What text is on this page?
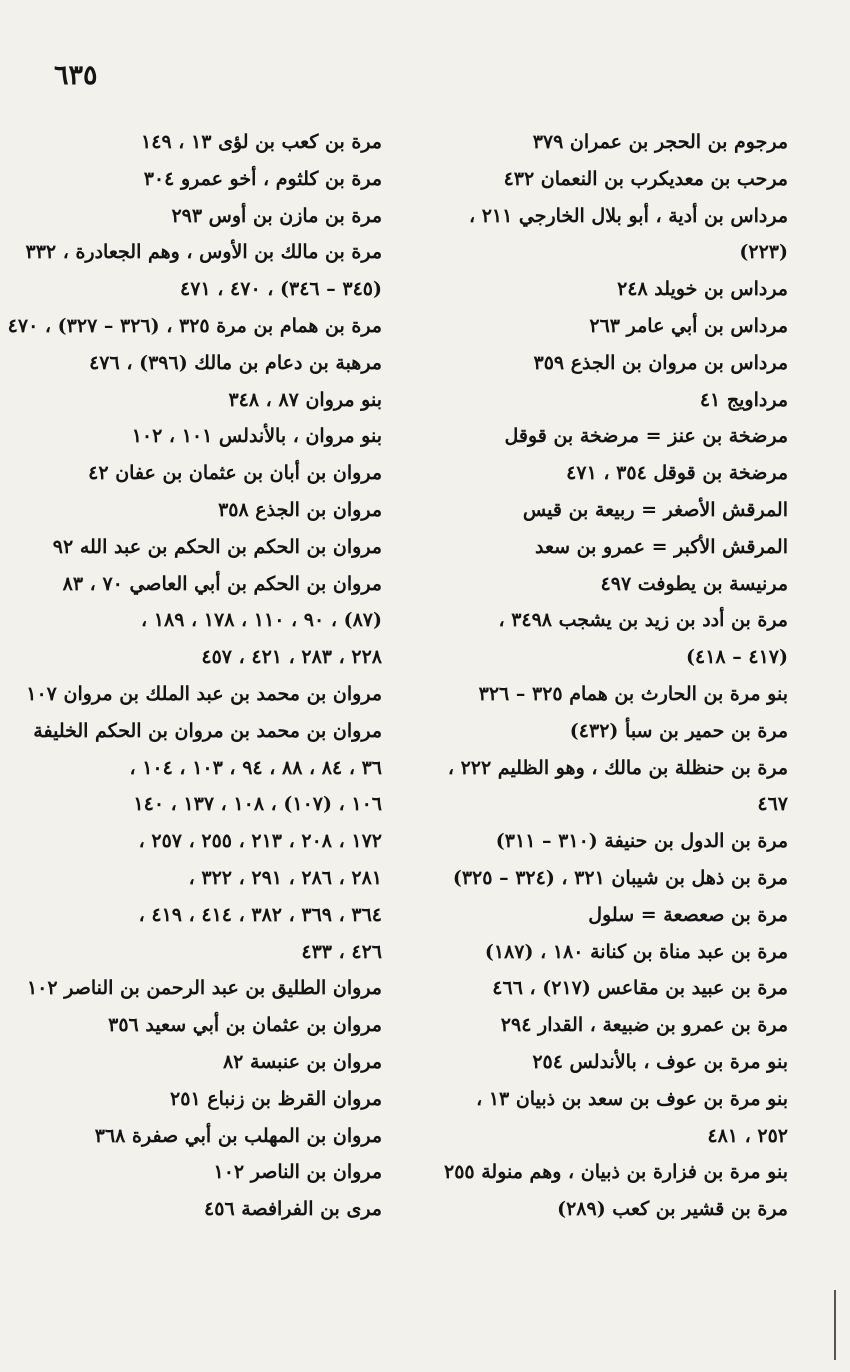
٦٣٥
مرجوم بن الحجر بن عمران ٣٧٩
مرحب بن معديكرب بن النعمان ٤٣٢
مرداس بن أدية ، أبو بلال الخارجي ٢١١ ،
(٢٢٣)
مرداس بن خويلد ٢٤٨
مرداس بن أبي عامر ٢٦٣
مرداس بن مروان بن الجذع ٣٥٩
مرداويج ٤١
مرضخة بن عنز = مرضخة بن قوقل
مرضخة بن قوقل ٣٥٤ ، ٤٧١
المرقش الأصغر = ربيعة بن قيس
المرقش الأكبر = عمرو بن سعد
مرنيسة بن يطوفت ٤٩٧
مرة بن أدد بن زيد بن يشجب ٣٤٩٨ ،
(٤١٧ – ٤١٨)
بنو مرة بن الحارث بن همام ٣٢٥ – ٣٢٦
مرة بن حمير بن سبأ (٤٣٢)
مرة بن حنظلة بن مالك ، وهو الظليم ٢٢٢ ،
٤٦٧
مرة بن الدول بن حنيفة (٣١٠ – ٣١١)
مرة بن ذهل بن شيبان ٣٢١ ، (٣٢٤ – ٣٢٥)
مرة بن صعصعة = سلول
مرة بن عبد مناة بن كنانة ١٨٠ ، (١٨٧)
مرة بن عبيد بن مقاعس (٢١٧) ، ٤٦٦
مرة بن عمرو بن ضبيعة ، القدار ٢٩٤
بنو مرة بن عوف ، بالأندلس ٢٥٤
بنو مرة بن عوف بن سعد بن ذبيان ١٣ ،
٢٥٢ ، ٤٨١
بنو مرة بن فزارة بن ذبيان ، وهم منولة ٢٥٥
مرة بن قشير بن كعب (٢٨٩)
مرة بن كعب بن لؤى ١٣ ، ١٤٩
مرة بن كلثوم ، أخو عمرو ٣٠٤
مرة بن مازن بن أوس ٢٩٣
مرة بن مالك بن الأوس ، وهم الجعادرة ، ٣٣٢
(٣٤٥ – ٣٤٦) ، ٤٧٠ ، ٤٧١
مرة بن همام بن مرة ٣٢٥ ، (٣٢٦ – ٣٢٧) ، ٤٧٠
مرهبة بن دعام بن مالك (٣٩٦) ، ٤٧٦
بنو مروان ٨٧ ، ٣٤٨
بنو مروان ، بالأندلس ١٠١ ، ١٠٢
مروان بن أبان بن عثمان بن عفان ٤٢
مروان بن الجذع ٣٥٨
مروان بن الحكم بن الحكم بن عبد الله ٩٢
مروان بن الحكم بن أبي العاصي ٧٠ ، ٨٣
(٨٧) ، ٩٠ ، ١١٠ ، ١٧٨ ، ١٨٩ ،
٢٢٨ ، ٢٨٣ ، ٤٢١ ، ٤٥٧
مروان بن محمد بن عبد الملك بن مروان ١٠٧
مروان بن محمد بن مروان بن الحكم الخليفة
٣٦ ، ٨٤ ، ٨٨ ، ٩٤ ، ١٠٣ ، ١٠٤ ،
١٠٦ ، (١٠٧) ، ١٠٨ ، ١٣٧ ، ١٤٠
١٧٢ ، ٢٠٨ ، ٢١٣ ، ٢٥٥ ، ٢٥٧ ،
٢٨١ ، ٢٨٦ ، ٢٩١ ، ٣٢٢ ،
٣٦٤ ، ٣٦٩ ، ٣٨٢ ، ٤١٤ ، ٤١٩ ،
٤٢٦ ، ٤٣٣
مروان الطليق بن عبد الرحمن بن الناصر ١٠٢
مروان بن عثمان بن أبي سعيد ٣٥٦
مروان بن عنبسة ٨٢
مروان القرظ بن زنباع ٢٥١
مروان بن المهلب بن أبي صفرة ٣٦٨
مروان بن الناصر ١٠٢
مرى بن الفرافصة ٤٥٦
